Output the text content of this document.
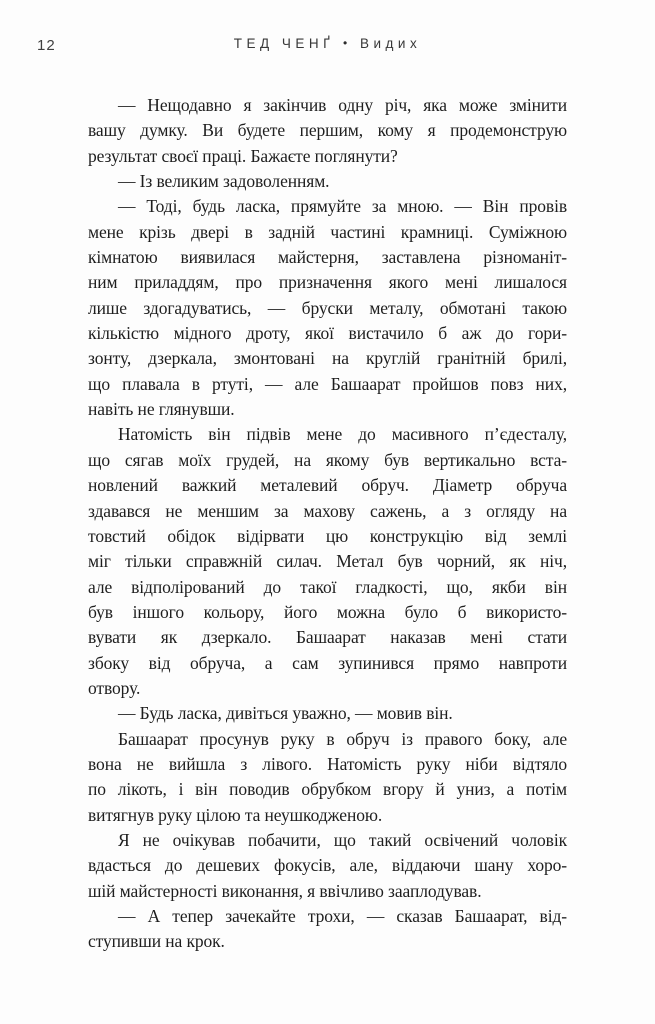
12	ТЕД ЧЕНҐ • Видих
— Нещодавно я закінчив одну річ, яка може змінити
вашу думку. Ви будете першим, кому я продемонструю
результат своєї праці. Бажаєте поглянути?
— Із великим задоволенням.
— Тоді, будь ласка, прямуйте за мною. — Він провів
мене крізь двері в задній частині крамниці. Суміжною
кімнатою виявилася майстерня, заставлена різноманіт-
ним приладдям, про призначення якого мені лишалося
лише здогадуватись, — бруски металу, обмотані такою
кількістю мідного дроту, якої вистачило б аж до гори-
зонту, дзеркала, змонтовані на круглій гранітній брилі,
що плавала в ртуті, — але Башаарат пройшов повз них,
навіть не глянувши.
Натомість він підвів мене до масивного п’єдесталу,
що сягав моїх грудей, на якому був вертикально вста-
новлений важкий металевий обруч. Діаметр обруча
здавався не меншим за махову сажень, а з огляду на
товстий обідок відірвати цю конструкцію від землі
міг тільки справжній силач. Метал був чорний, як ніч,
але відполірований до такої гладкості, що, якби він
був іншого кольору, його можна було б використо-
вувати як дзеркало. Башаарат наказав мені стати
збоку від обруча, а сам зупинився прямо навпроти
отвору.
— Будь ласка, дивіться уважно, — мовив він.
Башаарат просунув руку в обруч із правого боку, але
вона не вийшла з лівого. Натомість руку ніби відтяло
по лікоть, і він поводив обрубком вгору й униз, а потім
витягнув руку цілою та неушкодженою.
Я не очікував побачити, що такий освічений чоловік
вдасться до дешевих фокусів, але, віддаючи шану хоро-
шій майстерності виконання, я ввічливо зааплодував.
— А тепер зачекайте трохи, — сказав Башаарат, від-
ступивши на крок.
